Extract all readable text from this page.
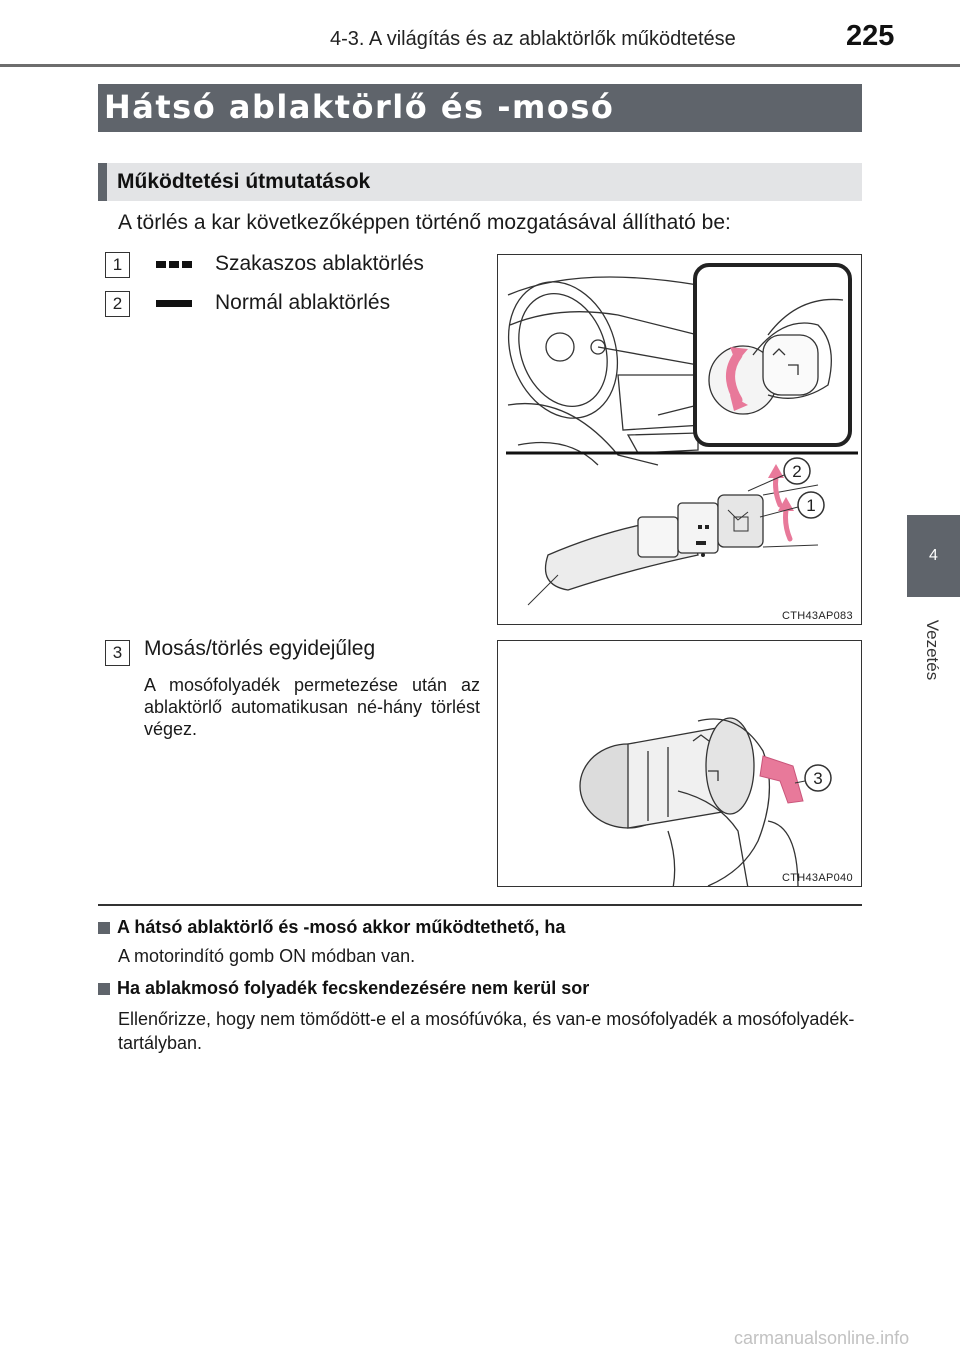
4-3. A világítás és az ablaktörlők működtetése	225
4
Vezetés
Hátsó ablaktörlő és -mosó
Működtetési útmutatások
A törlés a kar következőképpen történő mozgatásával állítható be:
1	Szakaszos ablaktörlés
2	Normál ablaktörlés
2
1
CTH43AP083
3	Mosás/törlés egyidejűleg
A mosófolyadék permetezése után az ablaktörlő automatikusan né-hány törlést végez.
3
CTH43AP040
A hátsó ablaktörlő és -mosó akkor működtethető, ha
A motorindító gomb ON módban van.
Ha ablakmosó folyadék fecskendezésére nem kerül sor
Ellenőrizze, hogy nem tömődött-e el a mosófúvóka, és van-e mosófolyadék a mosófolyadék-tartályban.
carmanualsonline.info
